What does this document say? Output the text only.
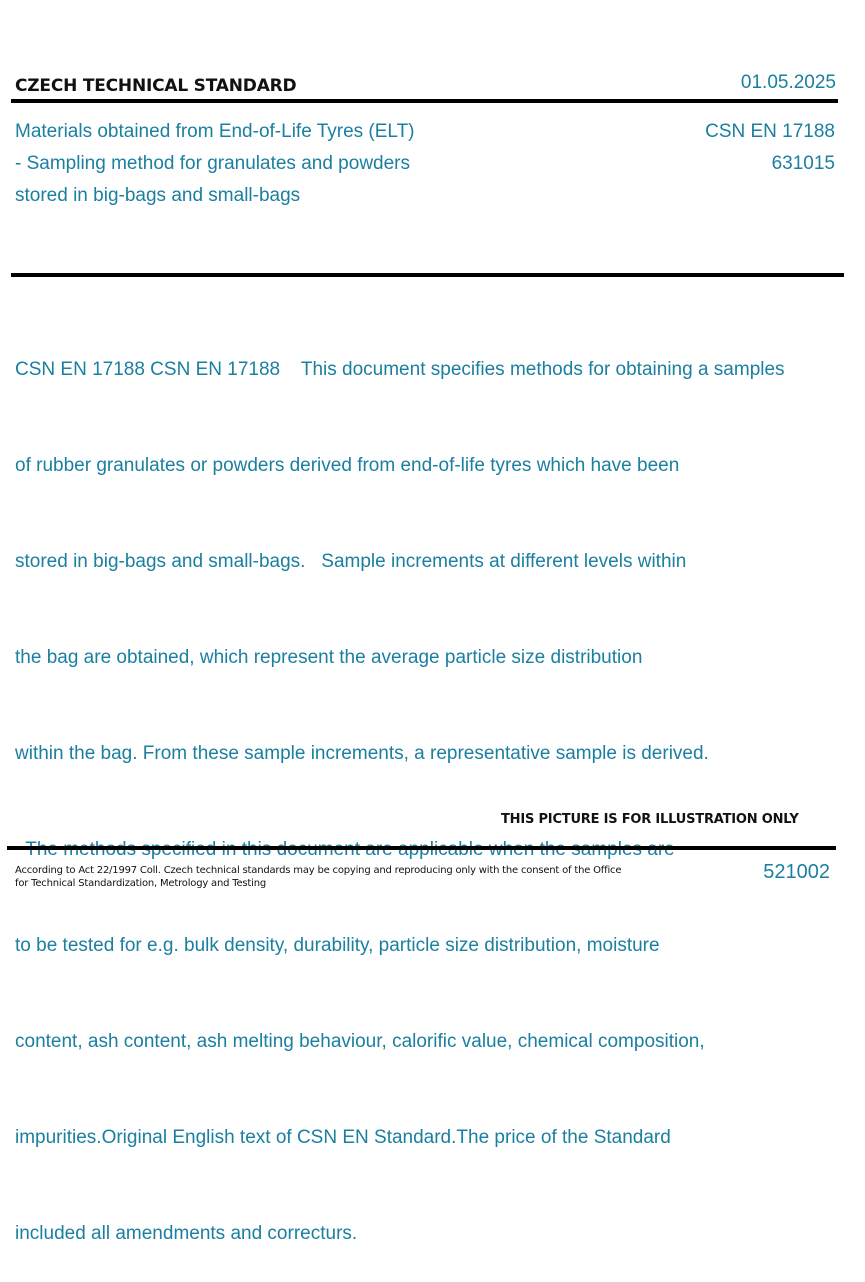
CZECH TECHNICAL STANDARD	01.05.2025
Materials obtained from End-of-Life Tyres (ELT)
- Sampling method for granulates and powders
stored in big-bags and small-bags
CSN EN 17188
631015

CSN EN 17188 CSN EN 17188    This document specifies methods for obtaining a samples

of rubber granulates or powders derived from end-of-life tyres which have been

stored in big-bags and small-bags.   Sample increments at different levels within

the bag are obtained, which represent the average particle size distribution

within the bag. From these sample increments, a representative sample is derived.

to be tested for e.g. bulk density, durability, particle size distribution, moisture

content, ash content, ash melting behaviour, calorific value, chemical composition,

impurities.Original English text of CSN EN Standard.The price of the Standard

included all amendments and correcturs.

THIS PICTURE IS FOR ILLUSTRATION ONLY
According to Act 22/1997 Coll. Czech technical standards may be copying and reproducing only with the consent of the Office
for Technical Standardization, Metrology and Testing
521002
